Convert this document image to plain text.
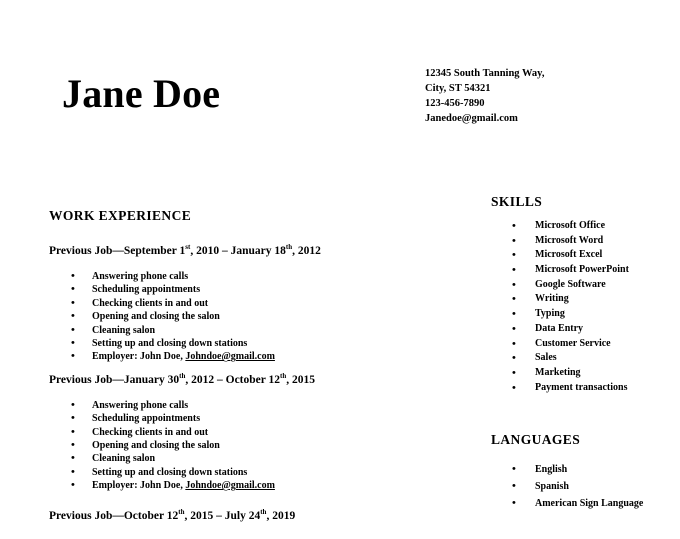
Jane Doe	12345 South Tanning Way,
City, ST 54321
123-456-7890
Janedoe@gmail.com
WORK EXPERIENCE
Previous Job—September 1st, 2010 – January 18th, 2012
• Answering phone calls
• Scheduling appointments
• Checking clients in and out
• Opening and closing the salon
• Cleaning salon
• Setting up and closing down stations
• Employer: John Doe, Johndoe@gmail.com
Previous Job—January 30th, 2012 – October 12th, 2015
• Answering phone calls
• Scheduling appointments
• Checking clients in and out
• Opening and closing the salon
• Cleaning salon
• Setting up and closing down stations
• Employer: John Doe, Johndoe@gmail.com
Previous Job—October 12th, 2015 – July 24th, 2019
SKILLS
• Microsoft Office
• Microsoft Word
• Microsoft Excel
• Microsoft PowerPoint
• Google Software
• Writing
• Typing
• Data Entry
• Customer Service
• Sales
• Marketing
• Payment transactions
LANGUAGES
• English
• Spanish
• American Sign Language
